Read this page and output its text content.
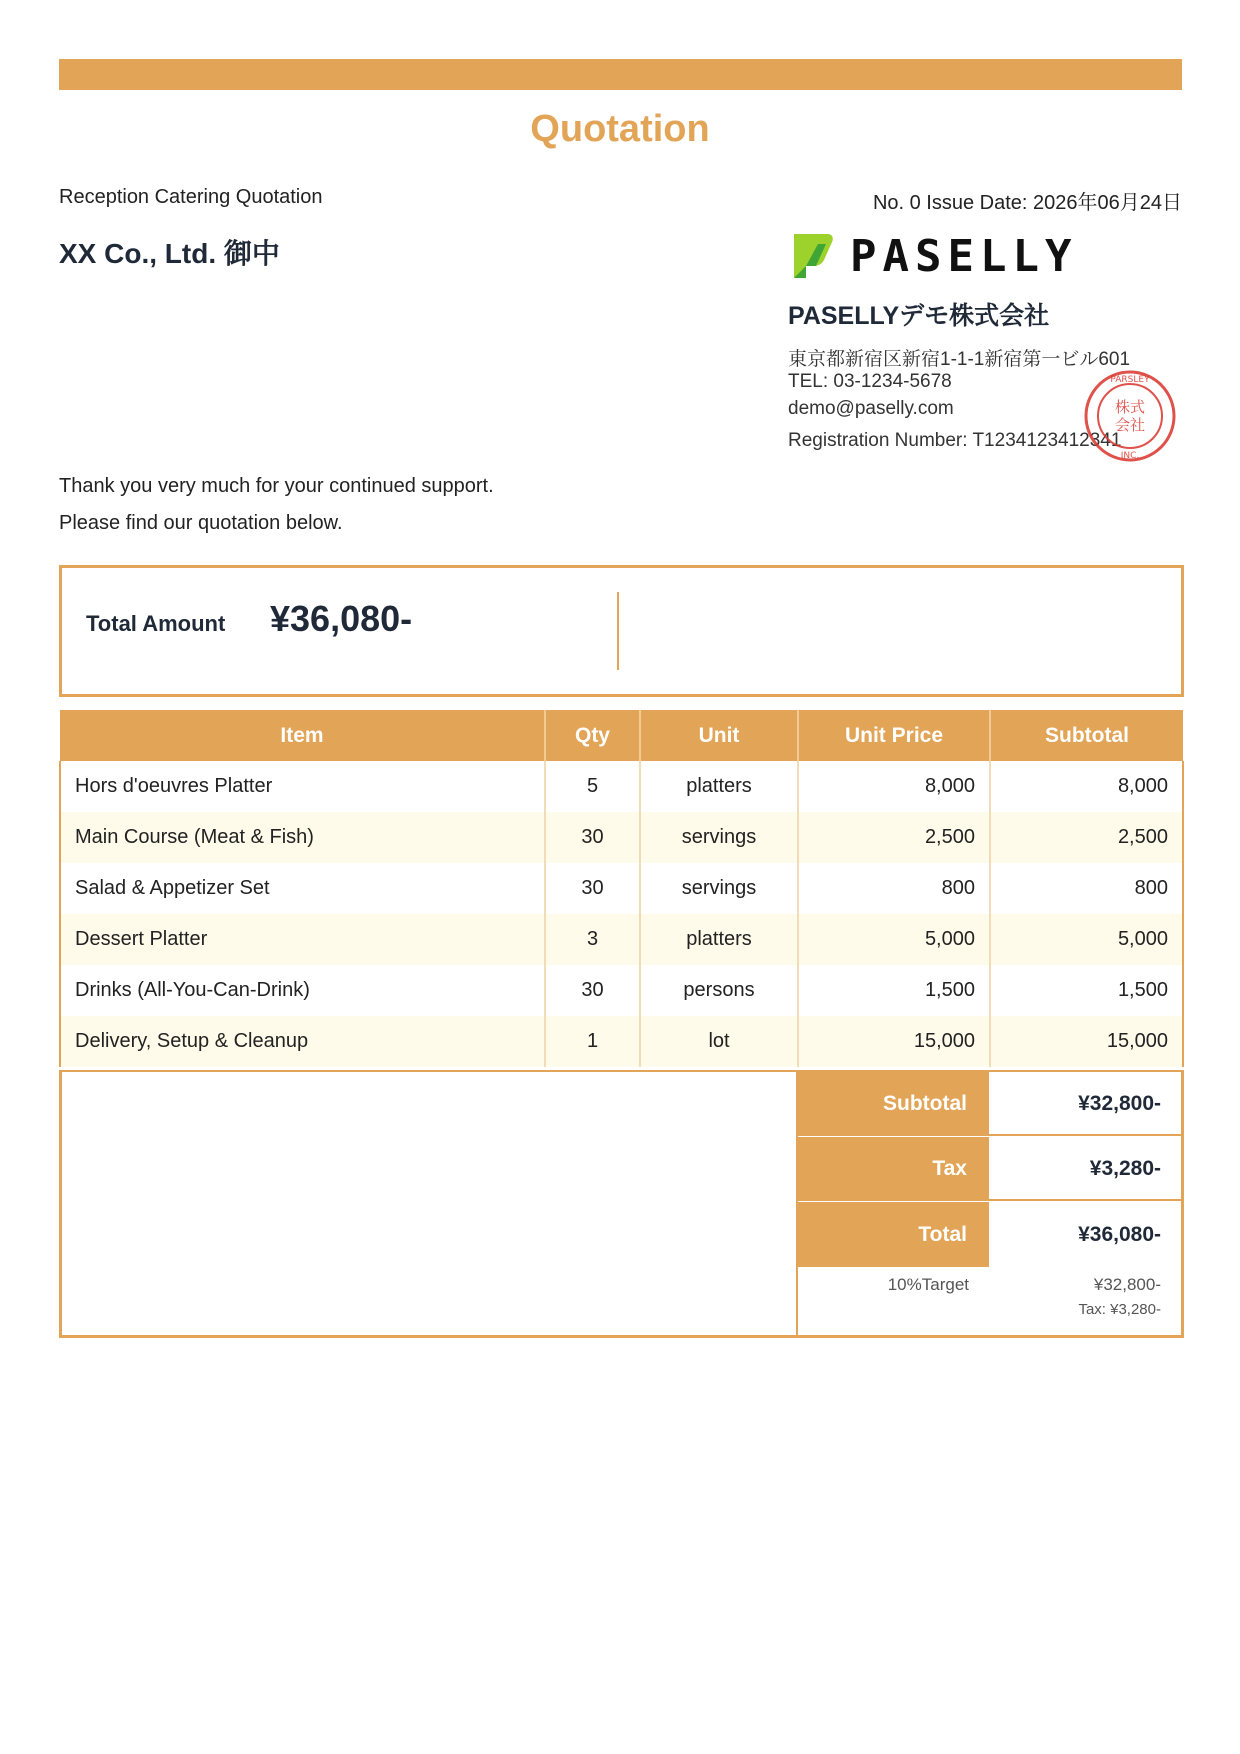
Quotation
Reception Catering Quotation	No. 0 Issue Date: 2026年06月24日
XX Co., Ltd. 御中	PASELLY
PASELLYデモ株式会社
東京都新宿区新宿1-1-1新宿第一ビル601
TEL: 03-1234-5678
demo@paselly.com
Registration Number: T1234123412341
株式
会社
PARSLEY
INC.
Thank you very much for your continued support.
Please find our quotation below.
Total Amount ¥36,080-
Item	Qty	Unit	Unit Price	Subtotal
Hors d'oeuvres Platter	5	platters	8,000	8,000
Main Course (Meat & Fish)	30	servings	2,500	2,500
Salad & Appetizer Set	30	servings	800	800
Dessert Platter	3	platters	5,000	5,000
Drinks (All-You-Can-Drink)	30	persons	1,500	1,500
Delivery, Setup & Cleanup	1	lot	15,000	15,000
Subtotal	¥32,800-
Tax	¥3,280-
Total	¥36,080-
10%Target	¥32,800-
Tax: ¥3,280-
